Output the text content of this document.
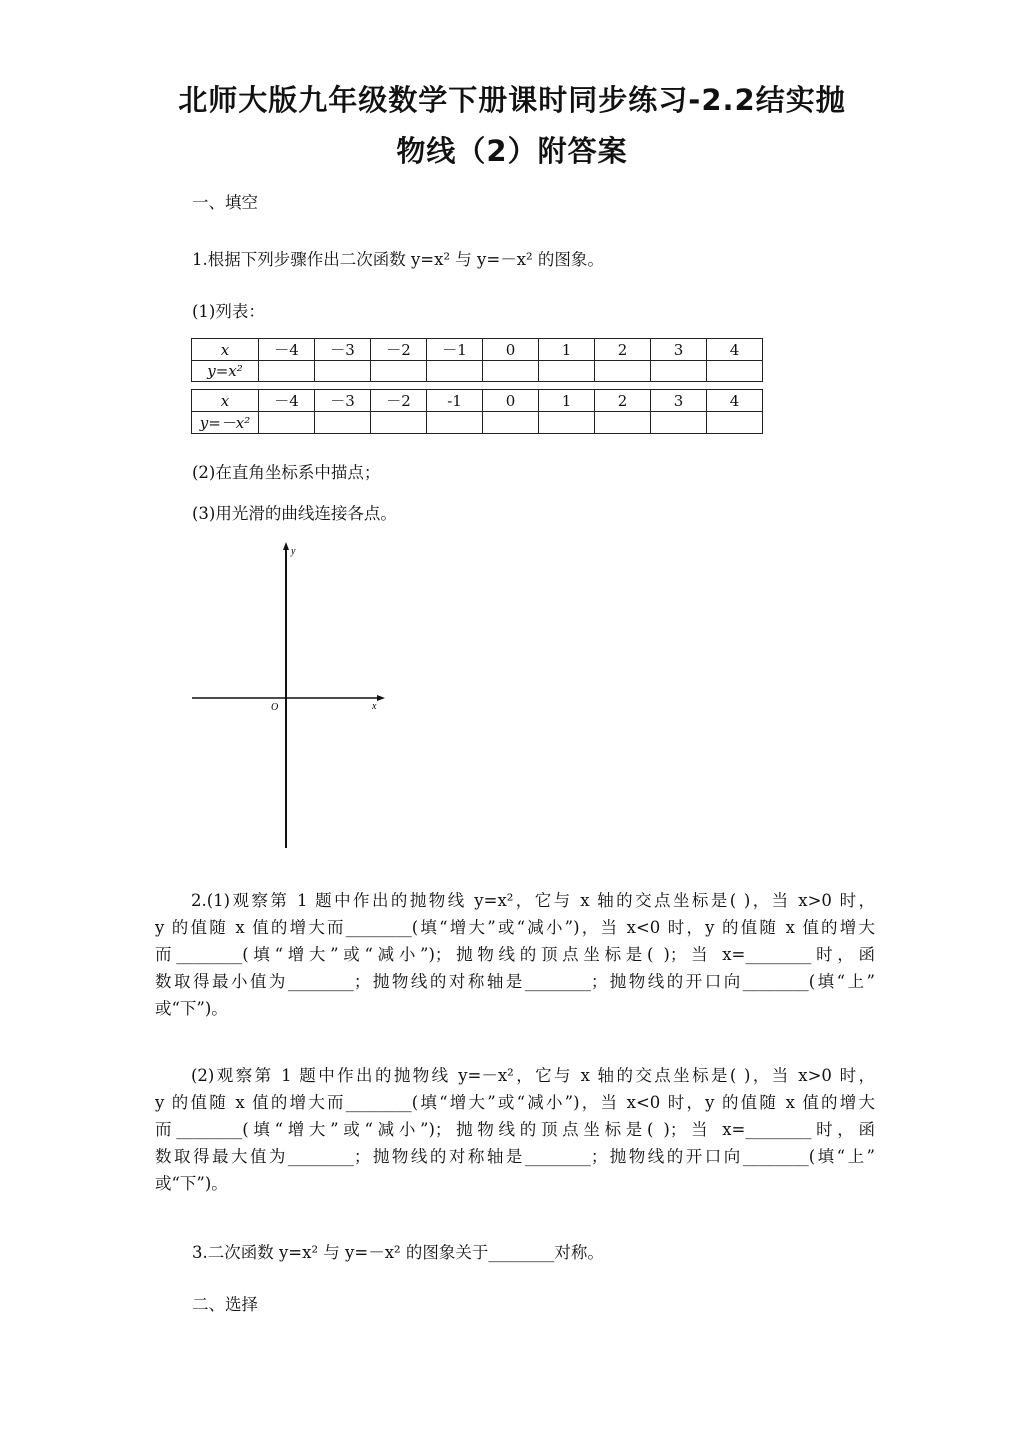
北师大版九年级数学下册课时同步练习-2.2结实抛
物线（2）附答案
一、填空
1.根据下列步骤作出二次函数 y=x² 与 y=－x² 的图象。
(1)列表：
x	－4	－3	－2	－1	0	1	2	3	4
y=x²									
x	－4	－3	－2	-1	0	1	2	3	4
y=－x²									
(2)在直角坐标系中描点；
(3)用光滑的曲线连接各点。
y
x
O
2.(1)观察第 1 题中作出的抛物线 y=x²，它与 x 轴的交点坐标是( )，当 x>0 时，
y 的值随 x 值的增大而________(填“增大”或“减小”)，当 x<0 时，y 的值随 x 值的增大
而________(填“增大”或“减小”)；抛物线的顶点坐标是( )；当 x=________时，函
数取得最小值为________；抛物线的对称轴是________；抛物线的开口向________(填“上”
或“下”)。
(2)观察第 1 题中作出的抛物线 y=－x²，它与 x 轴的交点坐标是( )，当 x>0 时，
y 的值随 x 值的增大而________(填“增大”或“减小”)，当 x<0 时，y 的值随 x 值的增大
而________(填“增大”或“减小”)；抛物线的顶点坐标是( )；当 x=________时，函
数取得最大值为________；抛物线的对称轴是________；抛物线的开口向________(填“上”
或“下”)。
3.二次函数 y=x² 与 y=－x² 的图象关于________对称。
二、选择
